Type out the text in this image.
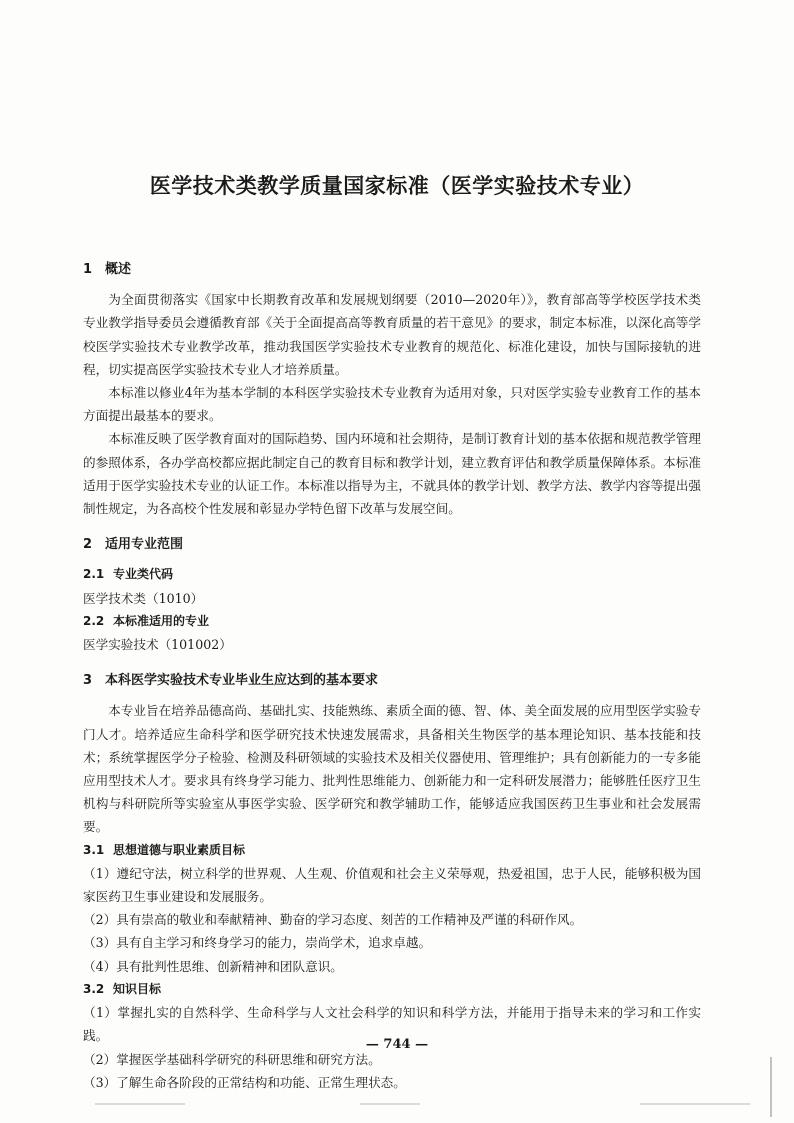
医学技术类教学质量国家标准（医学实验技术专业）
1 概述

为全面贯彻落实《国家中长期教育改革和发展规划纲要（2010—2020年）》，教育部高等学校医学技术类专业教学指导委员会遵循教育部《关于全面提高高等教育质量的若干意见》的要求，制定本标准，以深化高等学校医学实验技术专业教学改革，推动我国医学实验技术专业教育的规范化、标准化建设，加快与国际接轨的进程，切实提高医学实验技术专业人才培养质量。

本标准以修业4年为基本学制的本科医学实验技术专业教育为适用对象，只对医学实验专业教育工作的基本方面提出最基本的要求。

本标准反映了医学教育面对的国际趋势、国内环境和社会期待，是制订教育计划的基本依据和规范教学管理的参照体系，各办学高校都应据此制定自己的教育目标和教学计划，建立教育评估和教学质量保障体系。本标准适用于医学实验技术专业的认证工作。本标准以指导为主，不就具体的教学计划、教学方法、教学内容等提出强制性规定，为各高校个性发展和彰显办学特色留下改革与发展空间。

2 适用专业范围
2.1 专业类代码

医学技术类（1010）

2.2 本标准适用的专业

医学实验技术（101002）

3 本科医学实验技术专业毕业生应达到的基本要求

本专业旨在培养品德高尚、基础扎实、技能熟练、素质全面的德、智、体、美全面发展的应用型医学实验专门人才。培养适应生命科学和医学研究技术快速发展需求，具备相关生物医学的基本理论知识、基本技能和技术；系统掌握医学分子检验、检测及科研领域的实验技术及相关仪器使用、管理维护；具有创新能力的一专多能应用型技术人才。要求具有终身学习能力、批判性思维能力、创新能力和一定科研发展潜力；能够胜任医疗卫生机构与科研院所等实验室从事医学实验、医学研究和教学辅助工作，能够适应我国医药卫生事业和社会发展需要。

3.1 思想道德与职业素质目标

（1）遵纪守法，树立科学的世界观、人生观、价值观和社会主义荣辱观，热爱祖国，忠于人民，能够积极为国家医药卫生事业建设和发展服务。

（2）具有崇高的敬业和奉献精神、勤奋的学习态度、刻苦的工作精神及严谨的科研作风。

（3）具有自主学习和终身学习的能力，崇尚学术，追求卓越。

（4）具有批判性思维、创新精神和团队意识。

3.2 知识目标

（1）掌握扎实的自然科学、生命科学与人文社会科学的知识和科学方法，并能用于指导未来的学习和工作实践。

（2）掌握医学基础科学研究的科研思维和研究方法。

（3）了解生命各阶段的正常结构和功能、正常生理状态。

— 744 —
